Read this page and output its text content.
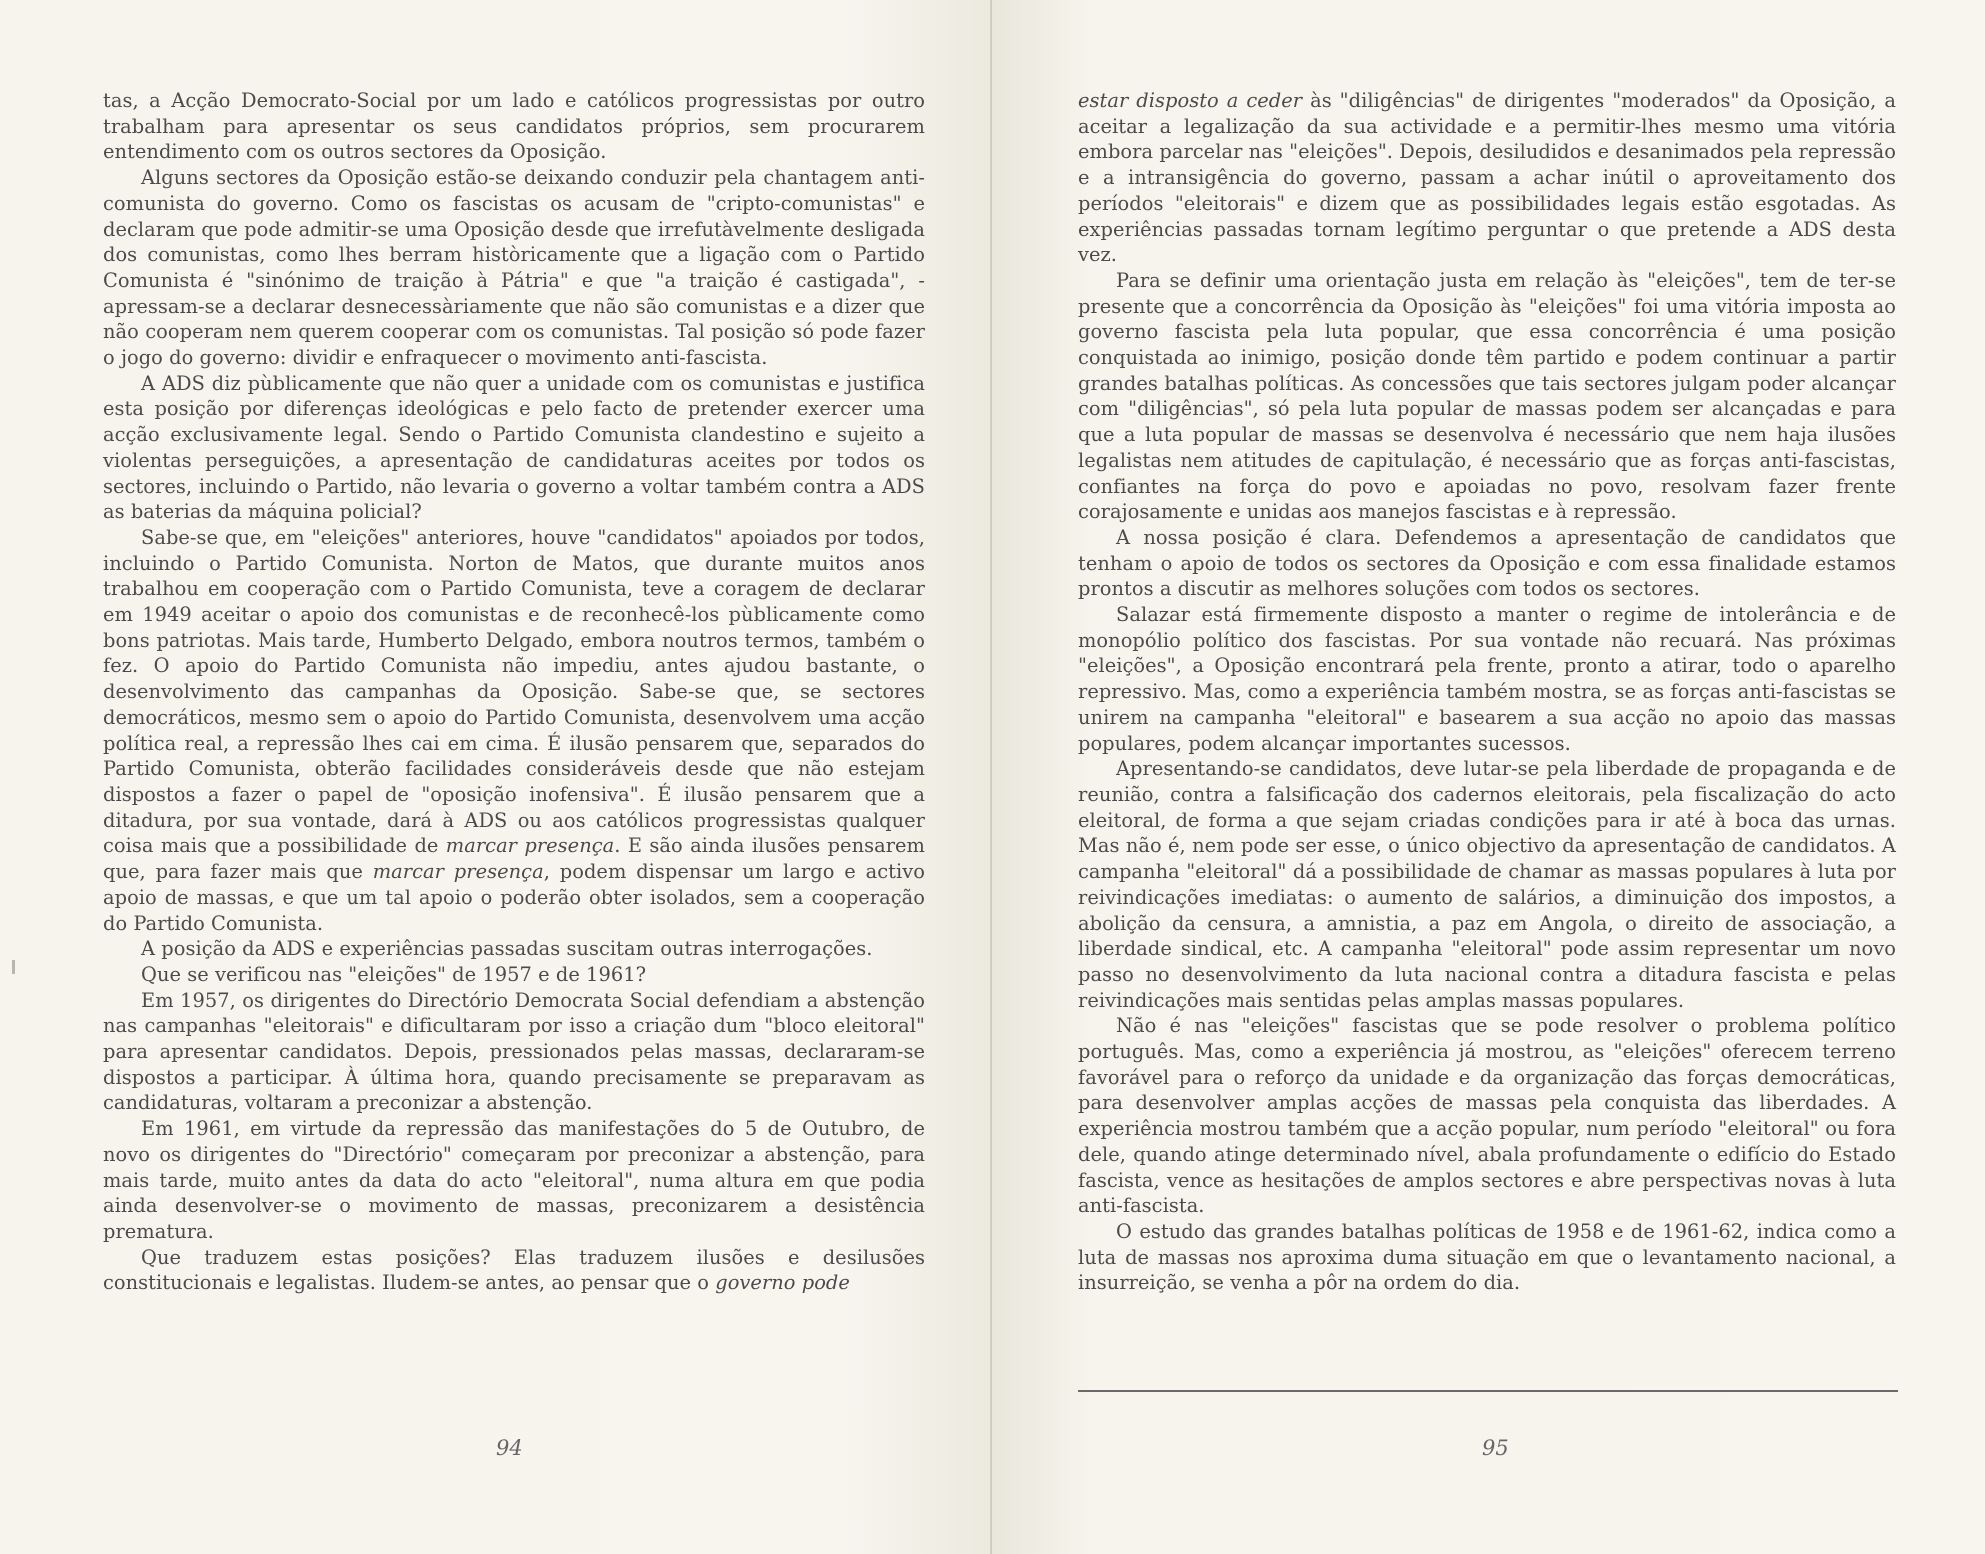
tas, a Acção Democrato-Social por um lado e católicos progressistas por outro trabalham para apresentar os seus candidatos próprios, sem procurarem entendimento com os outros sectores da Oposição.

Alguns sectores da Oposição estão-se deixando conduzir pela chantagem anti-comunista do governo. Como os fascistas os acusam de "cripto-comunistas" e declaram que pode admitir-se uma Oposição desde que irrefutàvelmente desligada dos comunistas, como lhes berram històricamente que a ligação com o Partido Comunista é "sinónimo de traição à Pátria" e que "a traição é castigada", -apressam-se a declarar desnecessàriamente que não são comunistas e a dizer que não cooperam nem querem cooperar com os comunistas. Tal posição só pode fazer o jogo do governo: dividir e enfraquecer o movimento anti-fascista.

A ADS diz pùblicamente que não quer a unidade com os comunistas e justifica esta posição por diferenças ideológicas e pelo facto de pretender exercer uma acção exclusivamente legal. Sendo o Partido Comunista clandestino e sujeito a violentas perseguições, a apresentação de candidaturas aceites por todos os sectores, incluindo o Partido, não levaria o governo a voltar também contra a ADS as baterias da máquina policial?

Sabe-se que, em "eleições" anteriores, houve "candidatos" apoiados por todos, incluindo o Partido Comunista. Norton de Matos, que durante muitos anos trabalhou em cooperação com o Partido Comunista, teve a coragem de declarar em 1949 aceitar o apoio dos comunistas e de reconhecê-los pùblicamente como bons patriotas. Mais tarde, Humberto Delgado, embora noutros termos, também o fez. O apoio do Partido Comunista não impediu, antes ajudou bastante, o desenvolvimento das campanhas da Oposição. Sabe-se que, se sectores democráticos, mesmo sem o apoio do Partido Comunista, desenvolvem uma acção política real, a repressão lhes cai em cima. É ilusão pensarem que, separados do Partido Comunista, obterão facilidades consideráveis desde que não estejam dispostos a fazer o papel de "oposição inofensiva". É ilusão pensarem que a ditadura, por sua vontade, dará à ADS ou aos católicos progressistas qualquer coisa mais que a possibilidade de marcar presença. E são ainda ilusões pensarem que, para fazer mais que marcar presença, podem dispensar um largo e activo apoio de massas, e que um tal apoio o poderão obter isolados, sem a cooperação do Partido Comunista.

A posição da ADS e experiências passadas suscitam outras interrogações.

Que se verificou nas "eleições" de 1957 e de 1961?

Em 1957, os dirigentes do Directório Democrata Social defendiam a abstenção nas campanhas "eleitorais" e dificultaram por isso a criação dum "bloco eleitoral" para apresentar candidatos. Depois, pressionados pelas massas, declararam-se dispostos a participar. À última hora, quando precisamente se preparavam as candidaturas, voltaram a preconizar a abstenção.

Em 1961, em virtude da repressão das manifestações do 5 de Outubro, de novo os dirigentes do "Directório" começaram por preconizar a abstenção, para mais tarde, muito antes da data do acto "eleitoral", numa altura em que podia ainda desenvolver-se o movimento de massas, preconizarem a desistência prematura.

Que traduzem estas posições? Elas traduzem ilusões e desilusões constitucionais e legalistas. Iludem-se antes, ao pensar que o governo pode

94

estar disposto a ceder às "diligências" de dirigentes "moderados" da Oposição, a aceitar a legalização da sua actividade e a permitir-lhes mesmo uma vitória embora parcelar nas "eleições". Depois, desiludidos e desanimados pela repressão e a intransigência do governo, passam a achar inútil o aproveitamento dos períodos "eleitorais" e dizem que as possibilidades legais estão esgotadas. As experiências passadas tornam legítimo perguntar o que pretende a ADS desta vez.

Para se definir uma orientação justa em relação às "eleições", tem de ter-se presente que a concorrência da Oposição às "eleições" foi uma vitória imposta ao governo fascista pela luta popular, que essa concorrência é uma posição conquistada ao inimigo, posição donde têm partido e podem continuar a partir grandes batalhas políticas. As concessões que tais sectores julgam poder alcançar com "diligências", só pela luta popular de massas podem ser alcançadas e para que a luta popular de massas se desenvolva é necessário que nem haja ilusões legalistas nem atitudes de capitulação, é necessário que as forças anti-fascistas, confiantes na força do povo e apoiadas no povo, resolvam fazer frente corajosamente e unidas aos manejos fascistas e à repressão.

A nossa posição é clara. Defendemos a apresentação de candidatos que tenham o apoio de todos os sectores da Oposição e com essa finalidade estamos prontos a discutir as melhores soluções com todos os sectores.

Salazar está firmemente disposto a manter o regime de intolerância e de monopólio político dos fascistas. Por sua vontade não recuará. Nas próximas "eleições", a Oposição encontrará pela frente, pronto a atirar, todo o aparelho repressivo. Mas, como a experiência também mostra, se as forças anti-fascistas se unirem na campanha "eleitoral" e basearem a sua acção no apoio das massas populares, podem alcançar importantes sucessos.

Apresentando-se candidatos, deve lutar-se pela liberdade de propaganda e de reunião, contra a falsificação dos cadernos eleitorais, pela fiscalização do acto eleitoral, de forma a que sejam criadas condições para ir até à boca das urnas. Mas não é, nem pode ser esse, o único objectivo da apresentação de candidatos. A campanha "eleitoral" dá a possibilidade de chamar as massas populares à luta por reivindicações imediatas: o aumento de salários, a diminuição dos impostos, a abolição da censura, a amnistia, a paz em Angola, o direito de associação, a liberdade sindical, etc. A campanha "eleitoral" pode assim representar um novo passo no desenvolvimento da luta nacional contra a ditadura fascista e pelas reivindicações mais sentidas pelas amplas massas populares.

Não é nas "eleições" fascistas que se pode resolver o problema político português. Mas, como a experiência já mostrou, as "eleições" oferecem terreno favorável para o reforço da unidade e da organização das forças democráticas, para desenvolver amplas acções de massas pela conquista das liberdades. A experiência mostrou também que a acção popular, num período "eleitoral" ou fora dele, quando atinge determinado nível, abala profundamente o edifício do Estado fascista, vence as hesitações de amplos sectores e abre perspectivas novas à luta anti-fascista.

O estudo das grandes batalhas políticas de 1958 e de 1961-62, indica como a luta de massas nos aproxima duma situação em que o levantamento nacional, a insurreição, se venha a pôr na ordem do dia.

95
